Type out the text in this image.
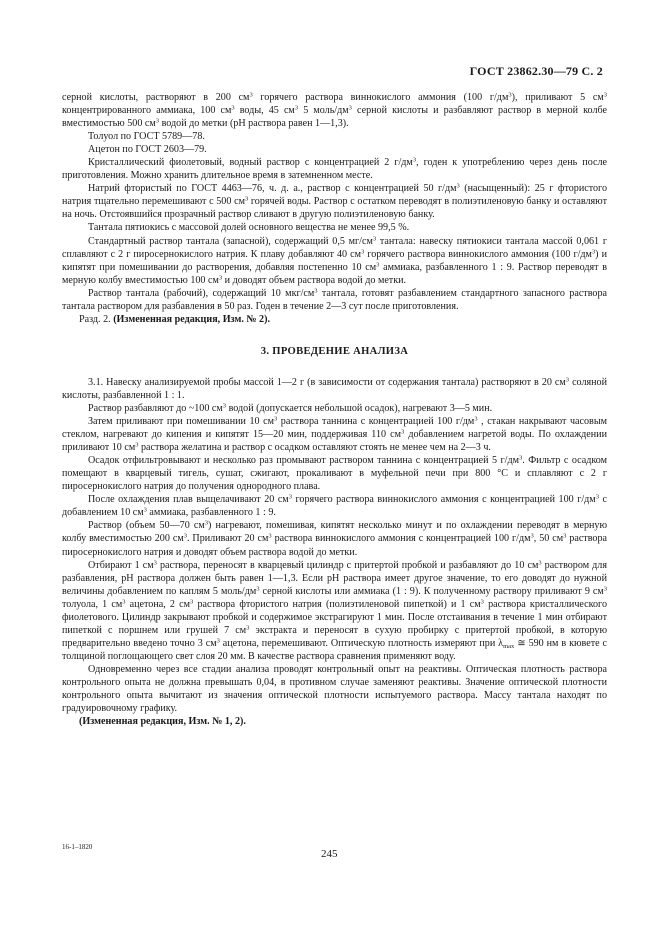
ГОСТ 23862.30—79 С. 2

серной кислоты, растворяют в 200 $см^3$ горячего раствора виннокислого аммония (100 $г/дм^3$), приливают 5 $см^3$ концентрированного аммиака, 100 $см^3$ воды, 45 $см^3$ 5 моль/$дм^3$ серной кислоты и разбавляют раствор в мерной колбе вместимостью 500 $см^3$ водой до метки (pH раствора равен 1—1,3).

Толуол по ГОСТ 5789—78.

Ацетон по ГОСТ 2603—79.

Кристаллический фиолетовый, водный раствор с концентрацией 2 $г/дм^3$, годен к употреблению через день после приготовления. Можно хранить длительное время в затемненном месте.

Натрий фтористый по ГОСТ 4463—76, ч. д. а., раствор с концентрацией 50 $г/дм^3$ (насыщенный): 25 г фтористого натрия тщательно перемешивают с 500 $см^3$ горячей воды. Раствор с остатком переводят в полиэтиленовую банку и оставляют на ночь. Отстоявшийся прозрачный раствор сливают в другую полиэтиленовую банку.

Тантала пятиокись с массовой долей основного вещества не менее 99,5 %.

Стандартный раствор тантала (запасной), содержащий 0,5 $мг/см^3$ тантала: навеску пятиокиси тантала массой 0,061 г сплавляют с 2 г пиросернокислого натрия. К плаву добавляют 40 $см^3$ горячего раствора виннокислого аммония (100 $г/дм^3$) и кипятят при помешивании до растворения, добавляя постепенно 10 $см^3$ аммиака, разбавленного 1 : 9. Раствор переводят в мерную колбу вместимостью 100 $см^3$ и доводят объем раствора водой до метки.

Раствор тантала (рабочий), содержащий 10 мкг/$см^3$ тантала, готовят разбавлением стандартного запасного раствора тантала раствором для разбавления в 50 раз. Годен в течение 2—3 сут после приготовления.

Разд. 2. (Измененная редакция, Изм. № 2).

3. ПРОВЕДЕНИЕ АНАЛИЗА

3.1. Навеску анализируемой пробы массой 1—2 г (в зависимости от содержания тантала) растворяют в 20 $см^3$ соляной кислоты, разбавленной 1 : 1.

Раствор разбавляют до ~100 $см^3$ водой (допускается небольшой осадок), нагревают 3—5 мин.

Затем приливают при помешивании 10 $см^3$ раствора таннина с концентрацией 100 $г/дм^3$ , стакан накрывают часовым стеклом, нагревают до кипения и кипятят 15—20 мин, поддерживая 110 $см^3$ добавлением нагретой воды. По охлаждении приливают 10 $см^3$ раствора желатина и раствор с осадком оставляют стоять не менее чем на 2—3 ч.

Осадок отфильтровывают и несколько раз промывают раствором таннина с концентрацией 5 $г/дм^3$. Фильтр с осадком помещают в кварцевый тигель, сушат, сжигают, прокаливают в муфельной печи при 800 °С и сплавляют с 2 г пиросернокислого натрия до получения однородного плава.

После охлаждения плав выщелачивают 20 $см^3$ горячего раствора виннокислого аммония с концентрацией 100 $г/дм^3$ с добавлением 10 $см^3$ аммиака, разбавленного 1 : 9.

Раствор (объем 50—70 $см^3$) нагревают, помешивая, кипятят несколько минут и по охлаждении переводят в мерную колбу вместимостью 200 $см^3$. Приливают 20 $см^3$ раствора виннокислого аммония с концентрацией 100 $г/дм^3$, 50 $см^3$ раствора пиросернокислого натрия и доводят объем раствора водой до метки.

Отбирают 1 $см^3$ раствора, переносят в кварцевый цилиндр с притертой пробкой и разбавляют до 10 $см^3$ раствором для разбавления, pH раствора должен быть равен 1—1,3. Если pH раствора имеет другое значение, то его доводят до нужной величины добавлением по каплям 5 моль/$дм^3$ серной кислоты или аммиака (1 : 9). К полученному раствору приливают 9 $см^3$ толуола, 1 $см^3$ ацетона, 2 $см^3$ раствора фтористого натрия (полиэтиленовой пипеткой) и 1 $см^3$ раствора кристаллического фиолетового. Цилиндр закрывают пробкой и содержимое экстрагируют 1 мин. После отстаивания в течение 1 мин отбирают пипеткой с поршнем или грушей 7 $см^3$ экстракта и переносят в сухую пробирку с притертой пробкой, в которую предварительно введено точно 3 $см^3$ ацетона, перемешивают. Оптическую плотность измеряют при $\lambda_{max}$ ≅ 590 нм в кювете с толщиной поглощающего свет слоя 20 мм. В качестве раствора сравнения применяют воду.

Одновременно через все стадии анализа проводят контрольный опыт на реактивы. Оптическая плотность раствора контрольного опыта не должна превышать 0,04, в противном случае заменяют реактивы. Значение оптической плотности контрольного опыта вычитают из значения оптической плотности испытуемого раствора. Массу тантала находят по градуировочному графику.

(Измененная редакция, Изм. № 1, 2).

16-1–1820
245
